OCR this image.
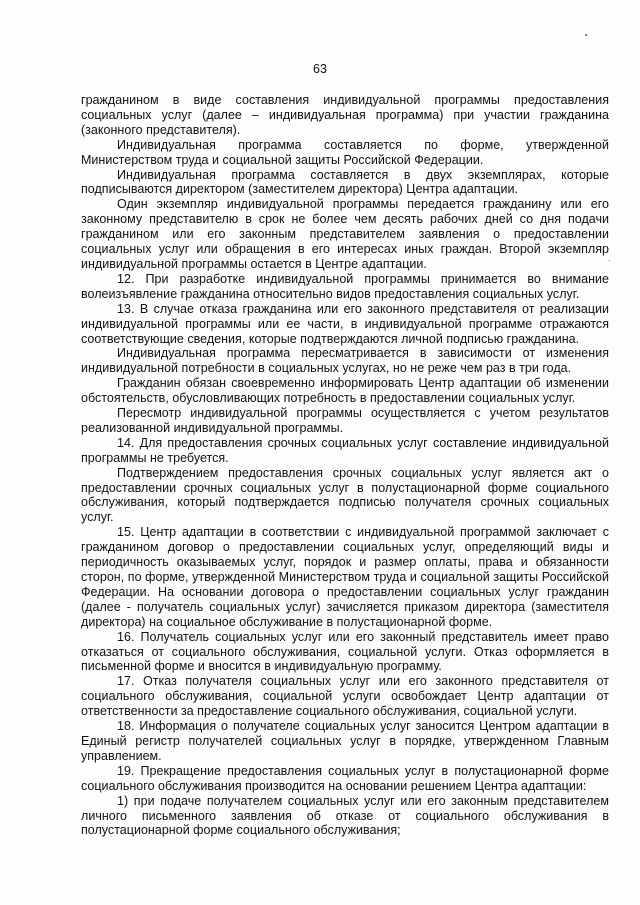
63

гражданином в виде составления индивидуальной программы предоставления социальных услуг (далее – индивидуальная программа) при участии гражданина (законного представителя).

Индивидуальная программа составляется по форме, утвержденной Министерством труда и социальной защиты Российской Федерации.

Индивидуальная программа составляется в двух экземплярах, которые подписываются директором (заместителем директора) Центра адаптации.

Один экземпляр индивидуальной программы передается гражданину или его законному представителю в срок не более чем десять рабочих дней со дня подачи гражданином или его законным представителем заявления о предоставлении социальных услуг или обращения в его интересах иных граждан. Второй экземпляр индивидуальной программы остается в Центре адаптации.

12. При разработке индивидуальной программы принимается во внимание волеизъявление гражданина относительно видов предоставления социальных услуг.

13. В случае отказа гражданина или его законного представителя от реализации индивидуальной программы или ее части, в индивидуальной программе отражаются соответствующие сведения, которые подтверждаются личной подписью гражданина.

Индивидуальная программа пересматривается в зависимости от изменения индивидуальной потребности в социальных услугах, но не реже чем раз в три года.

Гражданин обязан своевременно информировать Центр адаптации об изменении обстоятельств, обусловливающих потребность в предоставлении социальных услуг.

Пересмотр индивидуальной программы осуществляется с учетом результатов реализованной индивидуальной программы.

14. Для предоставления срочных социальных услуг составление индивидуальной программы не требуется.

Подтверждением предоставления срочных социальных услуг является акт о предоставлении срочных социальных услуг в полустационарной форме социального обслуживания, который подтверждается подписью получателя срочных социальных услуг.

15. Центр адаптации в соответствии с индивидуальной программой заключает с гражданином договор о предоставлении социальных услуг, определяющий виды и периодичность оказываемых услуг, порядок и размер оплаты, права и обязанности сторон, по форме, утвержденной Министерством труда и социальной защиты Российской Федерации. На основании договора о предоставлении социальных услуг гражданин (далее - получатель социальных услуг) зачисляется приказом директора (заместителя директора) на социальное обслуживание в полустационарной форме.

16. Получатель социальных услуг или его законный представитель имеет право отказаться от социального обслуживания, социальной услуги. Отказ оформляется в письменной форме и вносится в индивидуальную программу.

17. Отказ получателя социальных услуг или его законного представителя от социального обслуживания, социальной услуги освобождает Центр адаптации от ответственности за предоставление социального обслуживания, социальной услуги.

18. Информация о получателе социальных услуг заносится Центром адаптации в Единый регистр получателей социальных услуг в порядке, утвержденном Главным управлением.

19. Прекращение предоставления социальных услуг в полустационарной форме социального обслуживания производится на основании решением Центра адаптации:

1) при подаче получателем социальных услуг или его законным представителем личного письменного заявления об отказе от социального обслуживания в полустационарной форме социального обслуживания;
